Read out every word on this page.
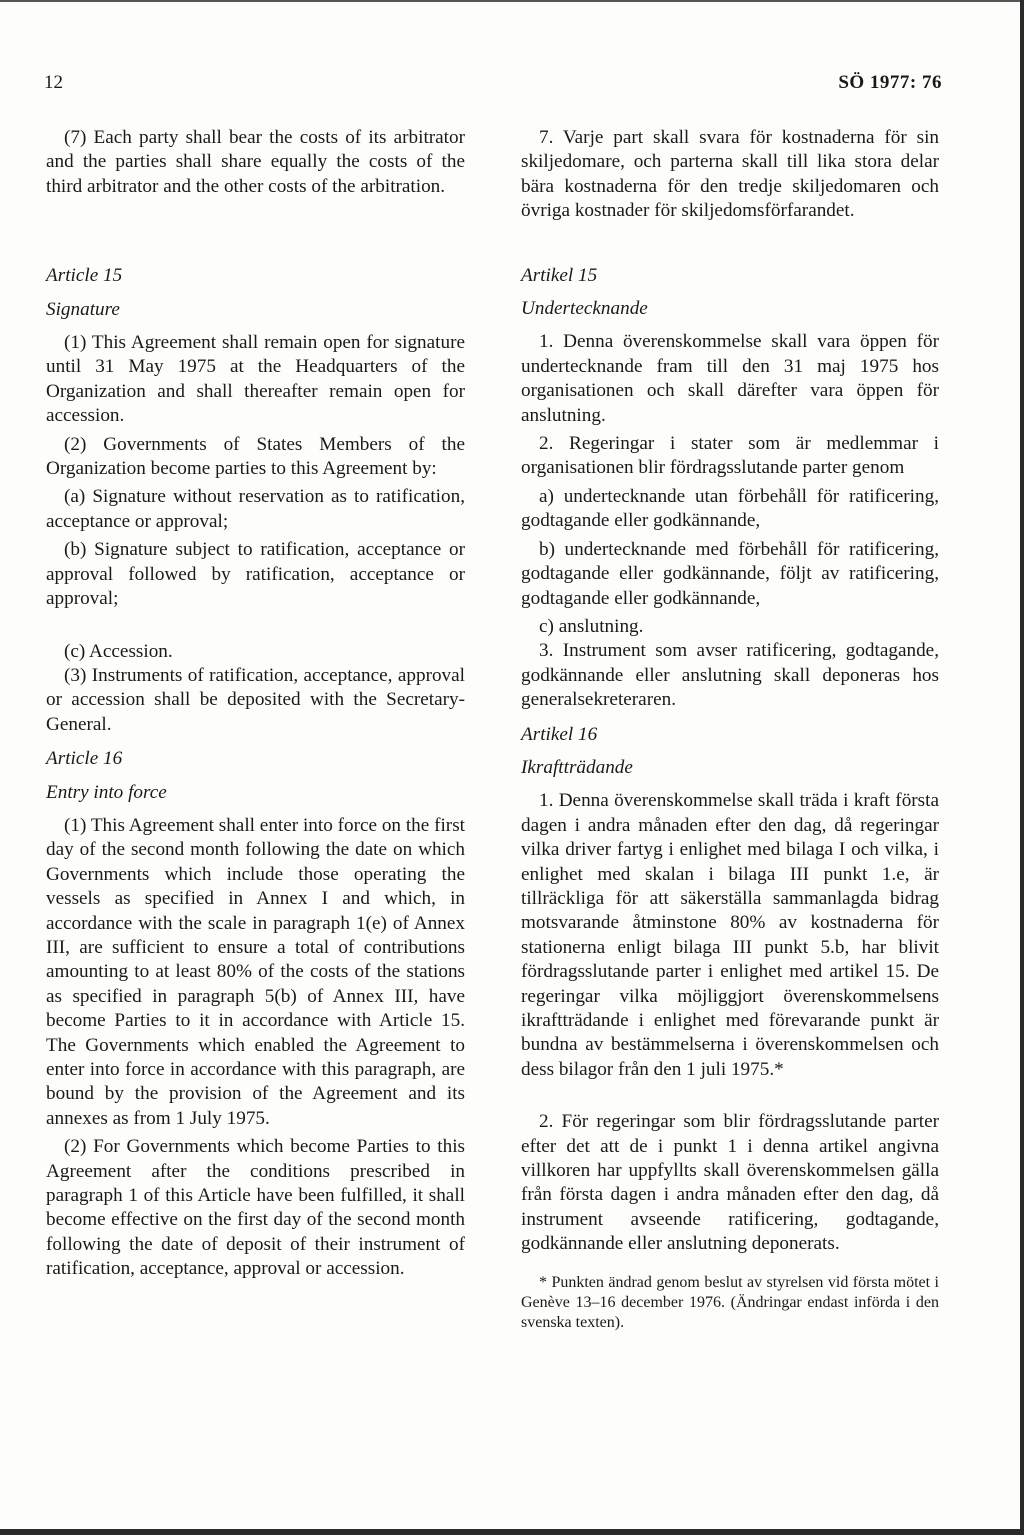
12	SÖ 1977: 76

(7) Each party shall bear the costs of its arbitrator and the parties shall share equally the costs of the third arbitrator and the other costs of the arbitration.

Article 15

Signature

(1) This Agreement shall remain open for signature until 31 May 1975 at the Headquarters of the Organization and shall thereafter remain open for accession.

(2) Governments of States Members of the Organization become parties to this Agreement by:

(a) Signature without reservation as to ratification, acceptance or approval;

(b) Signature subject to ratification, acceptance or approval followed by ratification, acceptance or approval;

(c) Accession.

(3) Instruments of ratification, acceptance, approval or accession shall be deposited with the Secretary-General.

Article 16

Entry into force

(1) This Agreement shall enter into force on the first day of the second month following the date on which Governments which include those operating the vessels as specified in Annex I and which, in accordance with the scale in paragraph 1(e) of Annex III, are sufficient to ensure a total of contributions amounting to at least 80% of the costs of the stations as specified in paragraph 5(b) of Annex III, have become Parties to it in accordance with Article 15. The Governments which enabled the Agreement to enter into force in accordance with this paragraph, are bound by the provision of the Agreement and its annexes as from 1 July 1975.

(2) For Governments which become Parties to this Agreement after the conditions prescribed in paragraph 1 of this Article have been fulfilled, it shall become effective on the first day of the second month following the date of deposit of their instrument of ratification, acceptance, approval or accession.

7. Varje part skall svara för kostnaderna för sin skiljedomare, och parterna skall till lika stora delar bära kostnaderna för den tredje skiljedomaren och övriga kostnader för skiljedomsförfarandet.

Artikel 15

Undertecknande

1. Denna överenskommelse skall vara öppen för undertecknande fram till den 31 maj 1975 hos organisationen och skall därefter vara öppen för anslutning.

2. Regeringar i stater som är medlemmar i organisationen blir fördragsslutande parter genom

a) undertecknande utan förbehåll för ratificering, godtagande eller godkännande,

b) undertecknande med förbehåll för ratificering, godtagande eller godkännande, följt av ratificering, godtagande eller godkännande,

c) anslutning.

3. Instrument som avser ratificering, godtagande, godkännande eller anslutning skall deponeras hos generalsekreteraren.

Artikel 16

Ikraftträdande

1. Denna överenskommelse skall träda i kraft första dagen i andra månaden efter den dag, då regeringar vilka driver fartyg i enlighet med bilaga I och vilka, i enlighet med skalan i bilaga III punkt 1.e, är tillräckliga för att säkerställa sammanlagda bidrag motsvarande åtminstone 80% av kostnaderna för stationerna enligt bilaga III punkt 5.b, har blivit fördragsslutande parter i enlighet med artikel 15. De regeringar vilka möjliggjort överenskommelsens ikraftträdande i enlighet med förevarande punkt är bundna av bestämmelserna i överenskommelsen och dess bilagor från den 1 juli 1975.*

2. För regeringar som blir fördragsslutande parter efter det att de i punkt 1 i denna artikel angivna villkoren har uppfyllts skall överenskommelsen gälla från första dagen i andra månaden efter den dag, då instrument avseende ratificering, godtagande, godkännande eller anslutning deponerats.

* Punkten ändrad genom beslut av styrelsen vid första mötet i Genève 13–16 december 1976. (Ändringar endast införda i den svenska texten).
